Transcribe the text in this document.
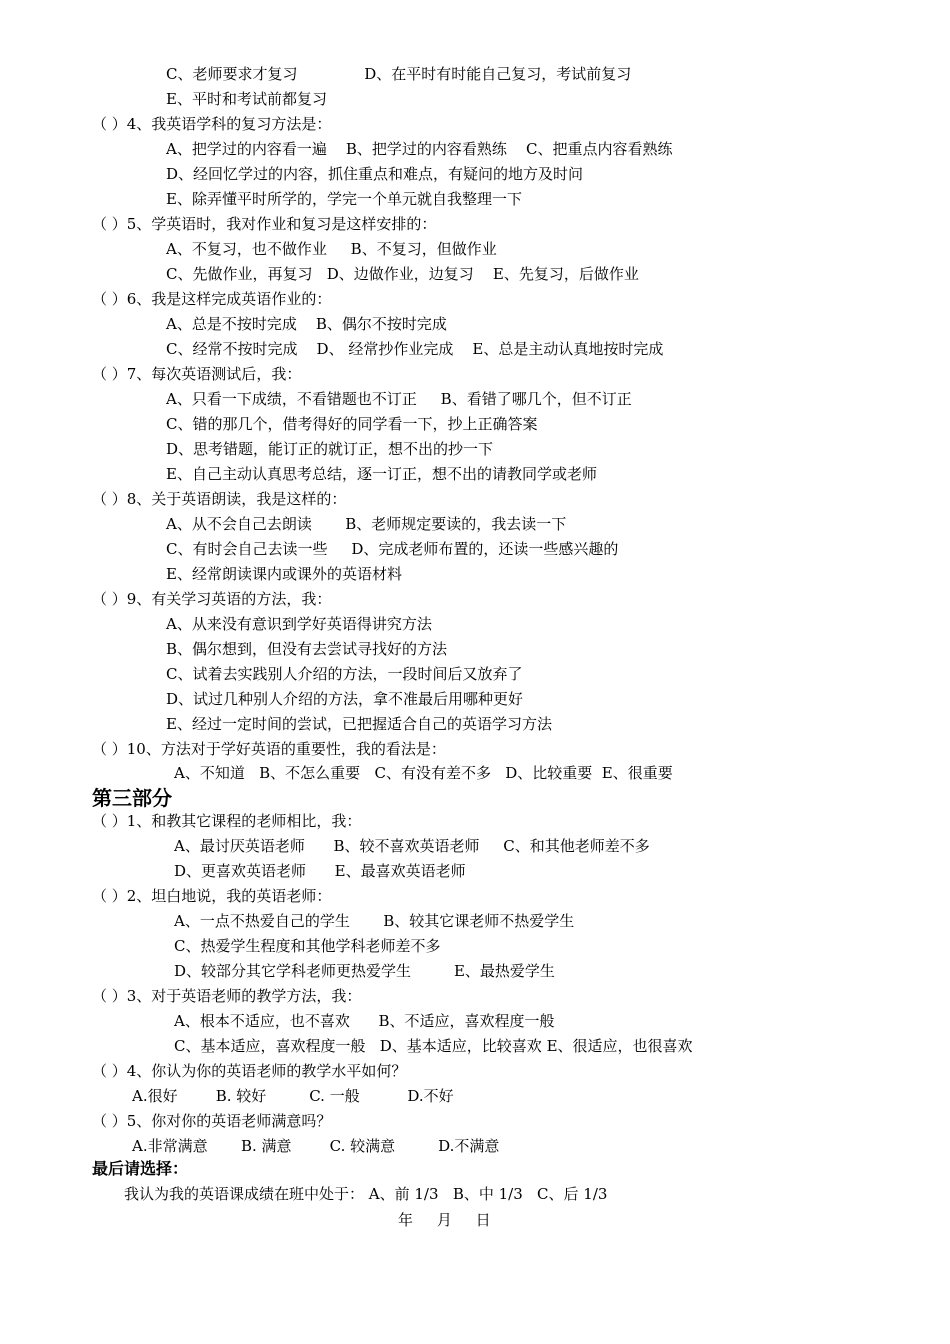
C、老师要求才复习              D、在平时有时能自己复习，考试前复习
E、平时和考试前都复习
（ ）4、我英语学科的复习方法是：
A、把学过的内容看一遍    B、把学过的内容看熟练    C、把重点内容看熟练
D、经回忆学过的内容，抓住重点和难点，有疑问的地方及时问
E、除弄懂平时所学的，学完一个单元就自我整理一下
（ ）5、学英语时，我对作业和复习是这样安排的：
A、不复习，也不做作业     B、不复习，但做作业
C、先做作业，再复习   D、边做作业，边复习    E、先复习，后做作业
（ ）6、我是这样完成英语作业的：
A、总是不按时完成    B、偶尔不按时完成
C、经常不按时完成    D、 经常抄作业完成    E、总是主动认真地按时完成
（ ）7、每次英语测试后，我：
A、只看一下成绩，不看错题也不订正     B、看错了哪几个，但不订正
C、错的那几个，借考得好的同学看一下，抄上正确答案
D、思考错题，能订正的就订正，想不出的抄一下
E、自己主动认真思考总结，逐一订正，想不出的请教同学或老师
（ ）8、关于英语朗读，我是这样的：
A、从不会自己去朗读       B、老师规定要读的，我去读一下
C、有时会自己去读一些     D、完成老师布置的，还读一些感兴趣的
E、经常朗读课内或课外的英语材料
（ ）9、有关学习英语的方法，我：
A、从来没有意识到学好英语得讲究方法
B、偶尔想到，但没有去尝试寻找好的方法
C、试着去实践别人介绍的方法，一段时间后又放弃了
D、试过几种别人介绍的方法，拿不准最后用哪种更好
E、经过一定时间的尝试，已把握适合自己的英语学习方法
（ ）10、方法对于学好英语的重要性，我的看法是：
A、不知道   B、不怎么重要   C、有没有差不多   D、比较重要  E、很重要
第三部分
（ ）1、和教其它课程的老师相比，我：
A、最讨厌英语老师      B、较不喜欢英语老师     C、和其他老师差不多
D、更喜欢英语老师      E、最喜欢英语老师
（ ）2、坦白地说，我的英语老师：
A、一点不热爱自己的学生       B、较其它课老师不热爱学生
C、热爱学生程度和其他学科老师差不多
D、较部分其它学科老师更热爱学生         E、最热爱学生
（ ）3、对于英语老师的教学方法，我：
A、根本不适应，也不喜欢      B、不适应，喜欢程度一般
C、基本适应，喜欢程度一般   D、基本适应，比较喜欢 E、很适应，也很喜欢
（ ）4、你认为你的英语老师的教学水平如何？
A.很好        B. 较好         C. 一般          D.不好
（ ）5、你对你的英语老师满意吗？
A.非常满意       B. 满意        C. 较满意         D.不满意
最后请选择：
我认为我的英语课成绩在班中处于： A、前 1/3   B、中 1/3   C、后 1/3
年     月     日
